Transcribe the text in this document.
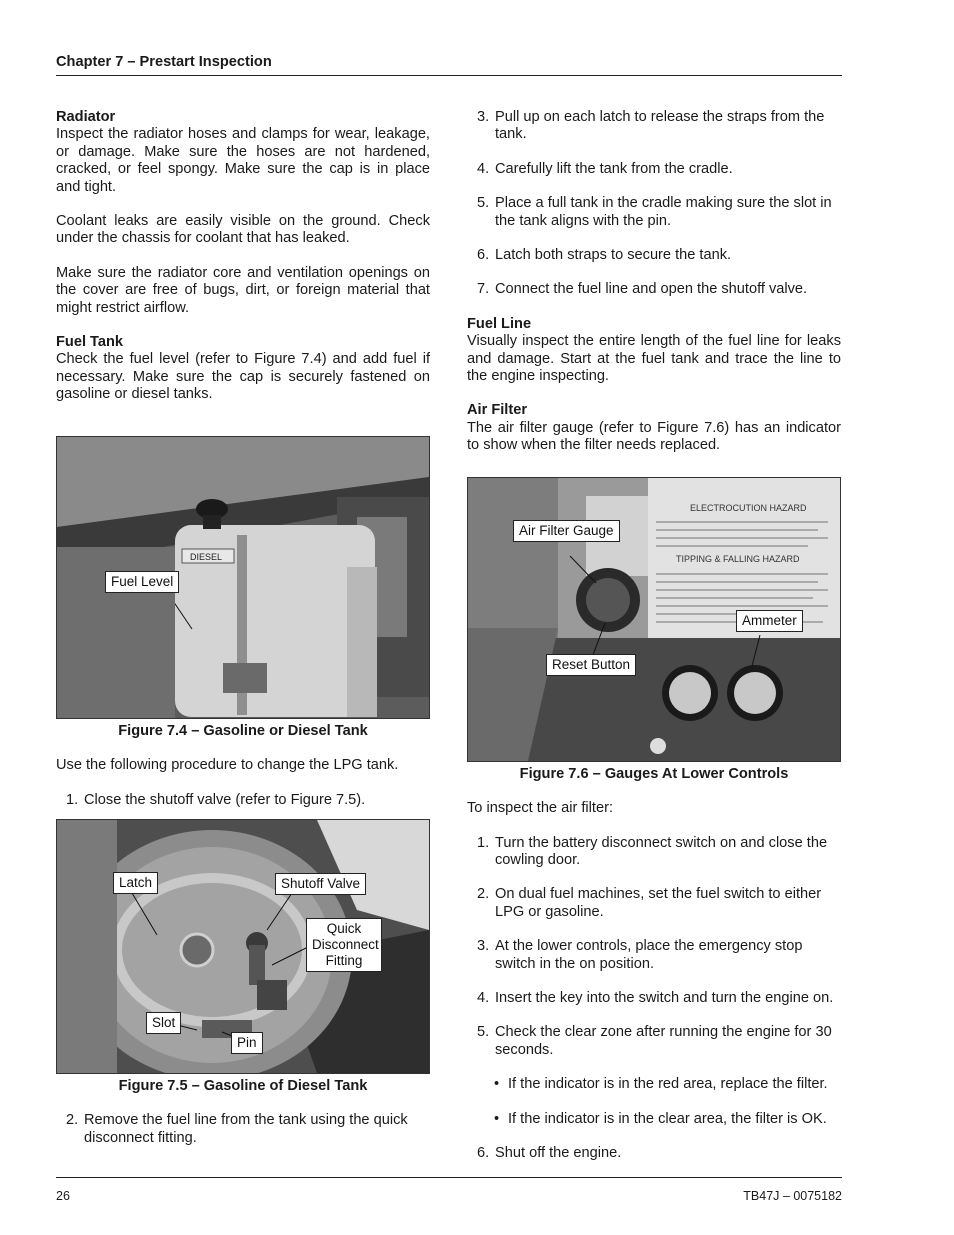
Chapter 7 – Prestart Inspection
Radiator

Inspect the radiator hoses and clamps for wear, leakage, or damage. Make sure the hoses are not hardened, cracked, or feel spongy. Make sure the cap is in place and tight.

Coolant leaks are easily visible on the ground. Check under the chassis for coolant that has leaked.

Make sure the radiator core and ventilation openings on the cover are free of bugs, dirt, or foreign material that might restrict airflow.

Fuel Tank

Check the fuel level (refer to Figure 7.4) and add fuel if necessary. Make sure the cap is securely fastened on gasoline or diesel tanks.

DIESEL
Fuel Level
Figure 7.4 – Gasoline or Diesel Tank

Use the following procedure to change the LPG tank.

1. Close the shutoff valve (refer to Figure 7.5).
Latch	Shutoff Valve
Quick Disconnect Fitting
Slot
Pin
Figure 7.5 – Gasoline of Diesel Tank
2. Remove the fuel line from the tank using the quick disconnect fitting.
3. Pull up on each latch to release the straps from the tank.
4. Carefully lift the tank from the cradle.
5. Place a full tank in the cradle making sure the slot in the tank aligns with the pin.
6. Latch both straps to secure the tank.
7. Connect the fuel line and open the shutoff valve.
Fuel Line

Visually inspect the entire length of the fuel line for leaks and damage. Start at the fuel tank and trace the line to the engine inspecting.

Air Filter

The air filter gauge (refer to Figure 7.6) has an indicator to show when the filter needs replaced.

ELECTROCUTION HAZARD
TIPPING & FALLING HAZARD
Air Filter Gauge
Ammeter
Reset Button
Figure 7.6 – Gauges At Lower Controls

To inspect the air filter:

1. Turn the battery disconnect switch on and close the cowling door.
2. On dual fuel machines, set the fuel switch to either LPG or gasoline.
3. At the lower controls, place the emergency stop switch in the on position.
4. Insert the key into the switch and turn the engine on.
5. Check the clear zone after running the engine for 30 seconds.
• If the indicator is in the red area, replace the filter.
• If the indicator is in the clear area, the filter is OK.
6. Shut off the engine.
26	TB47J – 0075182
